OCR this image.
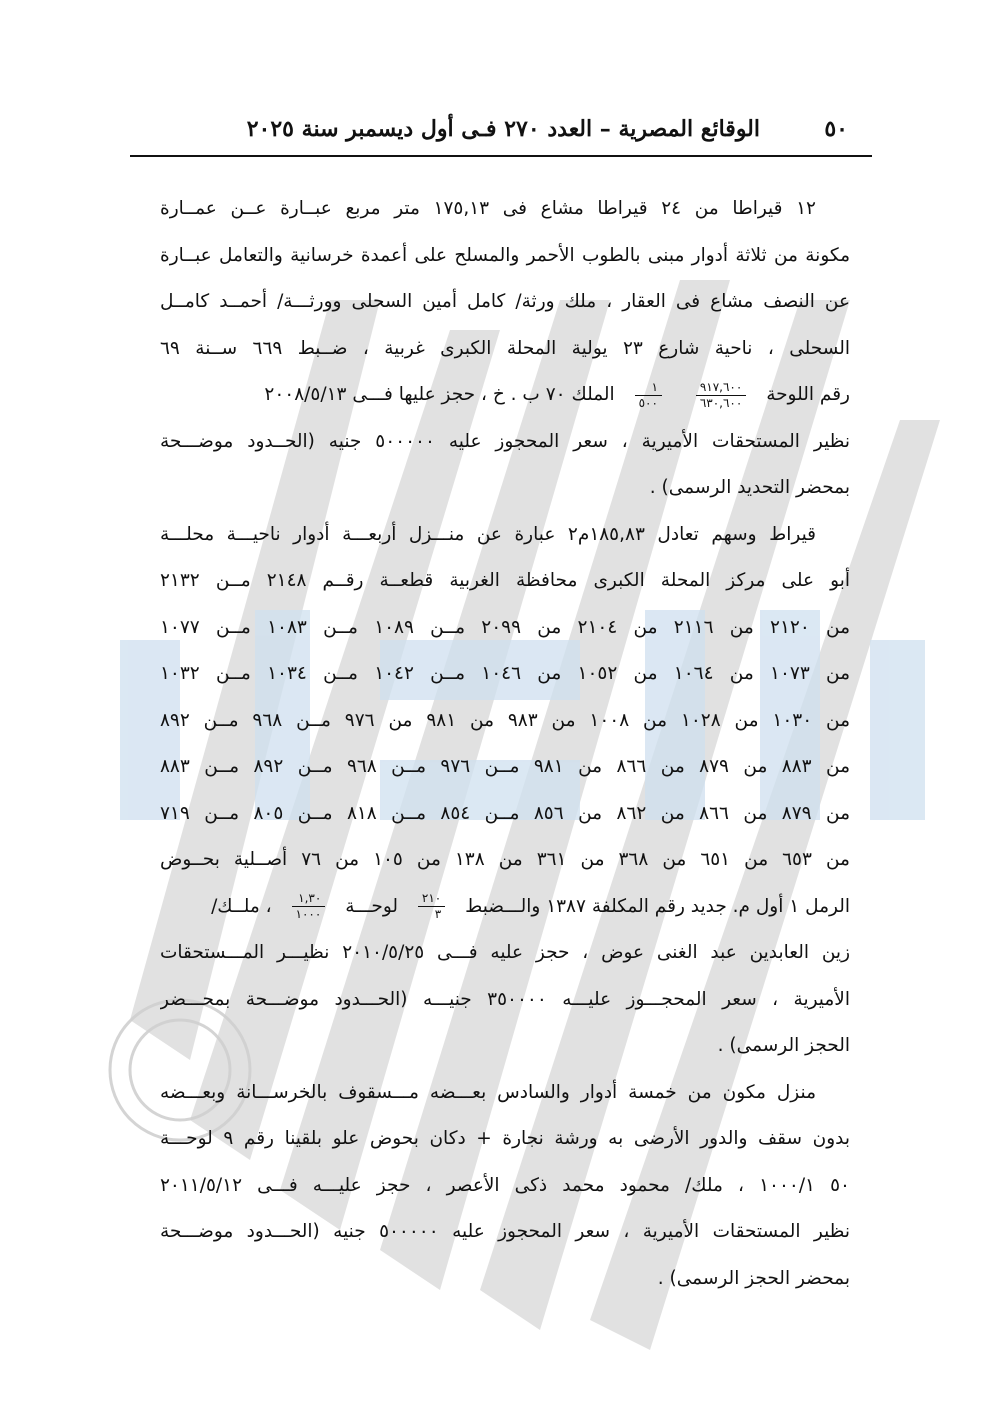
٥٠
الوقائع المصرية – العدد ٢٧٠ فـى أول ديسمبر سنة ٢٠٢٥
١٢ قيراطا من ٢٤ قيراطا مشاع فى ١٧٥,١٣ متر مربع عبــارة عــن عمــارة
مكونة من ثلاثة أدوار مبنى بالطوب الأحمر والمسلح على أعمدة خرسانية والتعامل عبــارة
عن النصف مشاع فى العقار ، ملك ورثة/ كامل أمين السحلى وورثـــة/ أحمــد كامــل
السحلى ، ناحية شارع ٢٣ يولية المحلة الكبرى غربية ، ضــبط ٦٦٩ ســنة ٦٩
رقم اللوحة
$\frac{٩١٧,٦٠٠}{٦٣٠,٦٠٠}$

$\frac{١}{٥٠٠}$
الملك ٧٠ ب . خ ، حجز عليها فـــى ٢٠٠٨/٥/١٣
نظير المستحقات الأميرية ، سعر المحجوز عليه ٥٠٠٠٠٠ جنيه (الحــدود موضـــحة
بمحضر التحديد الرسمى) .
قيراط وسهم تعادل ١٨٥,٨٣م٢ عبارة عن منـــزل أربعـــة أدوار ناحيـــة محلـــة
أبو على مركز المحلة الكبرى محافظة الغربية قطعــة رقــم ٢١٤٨ مــن ٢١٣٢
من ٢١٢٠ من ٢١١٦ من ٢١٠٤ من ٢٠٩٩ مــن ١٠٨٩ مــن ١٠٨٣ مــن ١٠٧٧
من ١٠٧٣ من ١٠٦٤ من ١٠٥٢ من ١٠٤٦ مــن ١٠٤٢ مــن ١٠٣٤ مــن ١٠٣٢
من ١٠٣٠ من ١٠٢٨ من ١٠٠٨ من ٩٨٣ من ٩٨١ من ٩٧٦ مــن ٩٦٨ مــن ٨٩٢
من ٨٨٣ من ٨٧٩ من ٨٦٦ من ٩٨١ مــن ٩٧٦ مــن ٩٦٨ مــن ٨٩٢ مــن ٨٨٣
من ٨٧٩ من ٨٦٦ من ٨٦٢ من ٨٥٦ مــن ٨٥٤ مــن ٨١٨ مــن ٨٠٥ مــن ٧١٩
من ٦٥٣ من ٦٥١ من ٣٦٨ من ٣٦١ من ١٣٨ من ١٠٥ من ٧٦ أصــلية بحــوض
الرمل ١ أول م. جديد رقم المكلفة ١٣٨٧ والـــضبط
$\frac{٢١٠}{٣}$
لوحـــة
$\frac{١,٣٠}{١٠٠٠}$
، ملــك/
زين العابدين عبد الغنى عوض ، حجز عليه فـــى ٢٠١٠/٥/٢٥ نظيـــر المـــستحقات
الأميرية ، سعر المحجـــوز عليـــه ٣٥٠٠٠٠ جنيـــه (الحـــدود موضـــحة بمحـــضر
الحجز الرسمى) .
منزل مكون من خمسة أدوار والسادس بعـــضه مـــسقوف بالخرســـانة وبعـــضه
بدون سقف والدور الأرضى به ورشة نجارة + دكان بحوض علو بلقينا رقم ٩ لوحـــة
٥٠ ١٠٠٠/١ ، ملك/ محمود محمد ذكى الأعصر ، حجز عليـــه فـــى ٢٠١١/٥/١٢
نظير المستحقات الأميرية ، سعر المحجوز عليه ٥٠٠٠٠٠ جنيه (الحـــدود موضـــحة
بمحضر الحجز الرسمى) .
